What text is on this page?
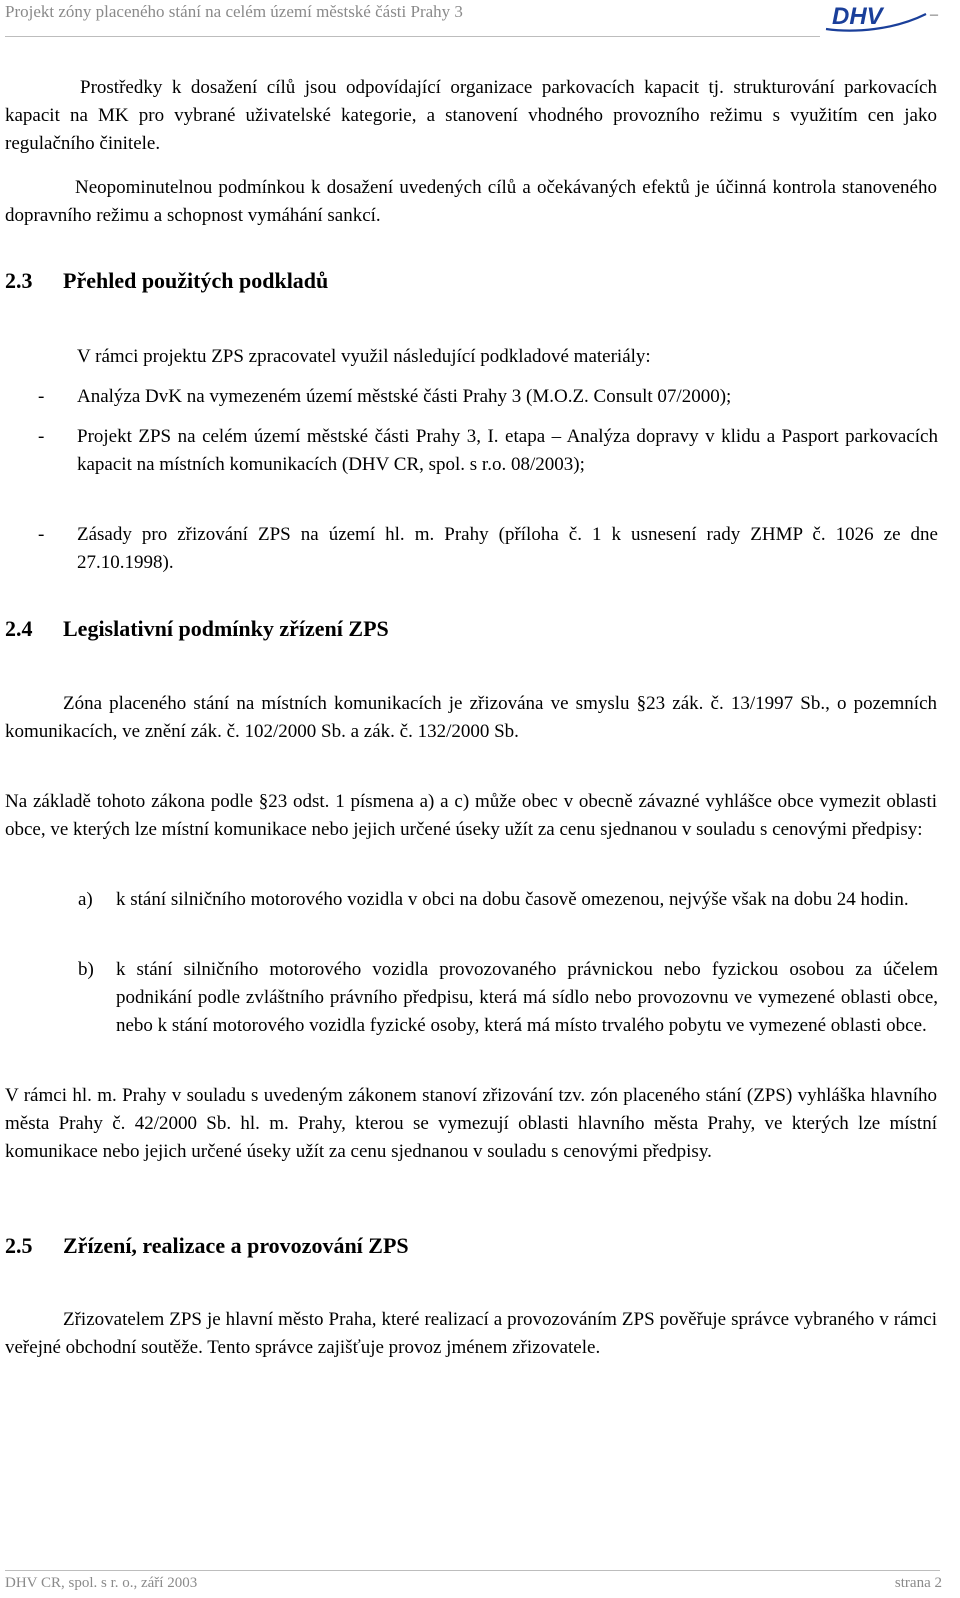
Projekt zóny placeného stání na celém území městské části Prahy 3	DHV	–

Prostředky k dosažení cílů jsou odpovídající organizace parkovacích kapacit tj. strukturování parkovacích kapacit na MK pro vybrané uživatelské kategorie, a stanovení vhodného provozního režimu s využitím cen jako regulačního činitele.

Neopominutelnou podmínkou k dosažení uvedených cílů a očekávaných efektů je účinná kontrola stanoveného dopravního režimu a schopnost vymáhání sankcí.

2.3 Přehled použitých podkladů

V rámci projektu ZPS zpracovatel využil následující podkladové materiály:

- Analýza DvK na vymezeném území městské části Prahy 3 (M.O.Z. Consult 07/2000);
- Projekt ZPS na celém území městské části Prahy 3, I. etapa – Analýza dopravy v klidu a Pasport parkovacích kapacit na místních komunikacích (DHV CR, spol. s r.o. 08/2003);
- Zásady pro zřizování ZPS na území hl. m. Prahy (příloha č. 1 k usnesení rady ZHMP č. 1026 ze dne 27.10.1998).
2.4 Legislativní podmínky zřízení ZPS

Zóna placeného stání na místních komunikacích je zřizována ve smyslu §23 zák. č. 13/1997 Sb., o pozemních komunikacích, ve znění zák. č. 102/2000 Sb. a zák. č. 132/2000 Sb.

Na základě tohoto zákona podle §23 odst. 1 písmena a) a c) může obec v obecně závazné vyhlášce obce vymezit oblasti obce, ve kterých lze místní komunikace nebo jejich určené úseky užít za cenu sjednanou v souladu s cenovými předpisy:

a) k stání silničního motorového vozidla v obci na dobu časově omezenou, nejvýše však na dobu 24 hodin.
b) k stání silničního motorového vozidla provozovaného právnickou nebo fyzickou osobou za účelem podnikání podle zvláštního právního předpisu, která má sídlo nebo provozovnu ve vymezené oblasti obce, nebo k stání motorového vozidla fyzické osoby, která má místo trvalého pobytu ve vymezené oblasti obce.

V rámci hl. m. Prahy v souladu s uvedeným zákonem stanoví zřizování tzv. zón placeného stání (ZPS) vyhláška hlavního města Prahy č. 42/2000 Sb. hl. m. Prahy, kterou se vymezují oblasti hlavního města Prahy, ve kterých lze místní komunikace nebo jejich určené úseky užít za cenu sjednanou v souladu s cenovými předpisy.

2.5 Zřízení, realizace a provozování ZPS

Zřizovatelem ZPS je hlavní město Praha, které realizací a provozováním ZPS pověřuje správce vybraného v rámci veřejné obchodní soutěže. Tento správce zajišťuje provoz jménem zřizovatele.

DHV CR, spol. s r. o., září 2003	strana 2
